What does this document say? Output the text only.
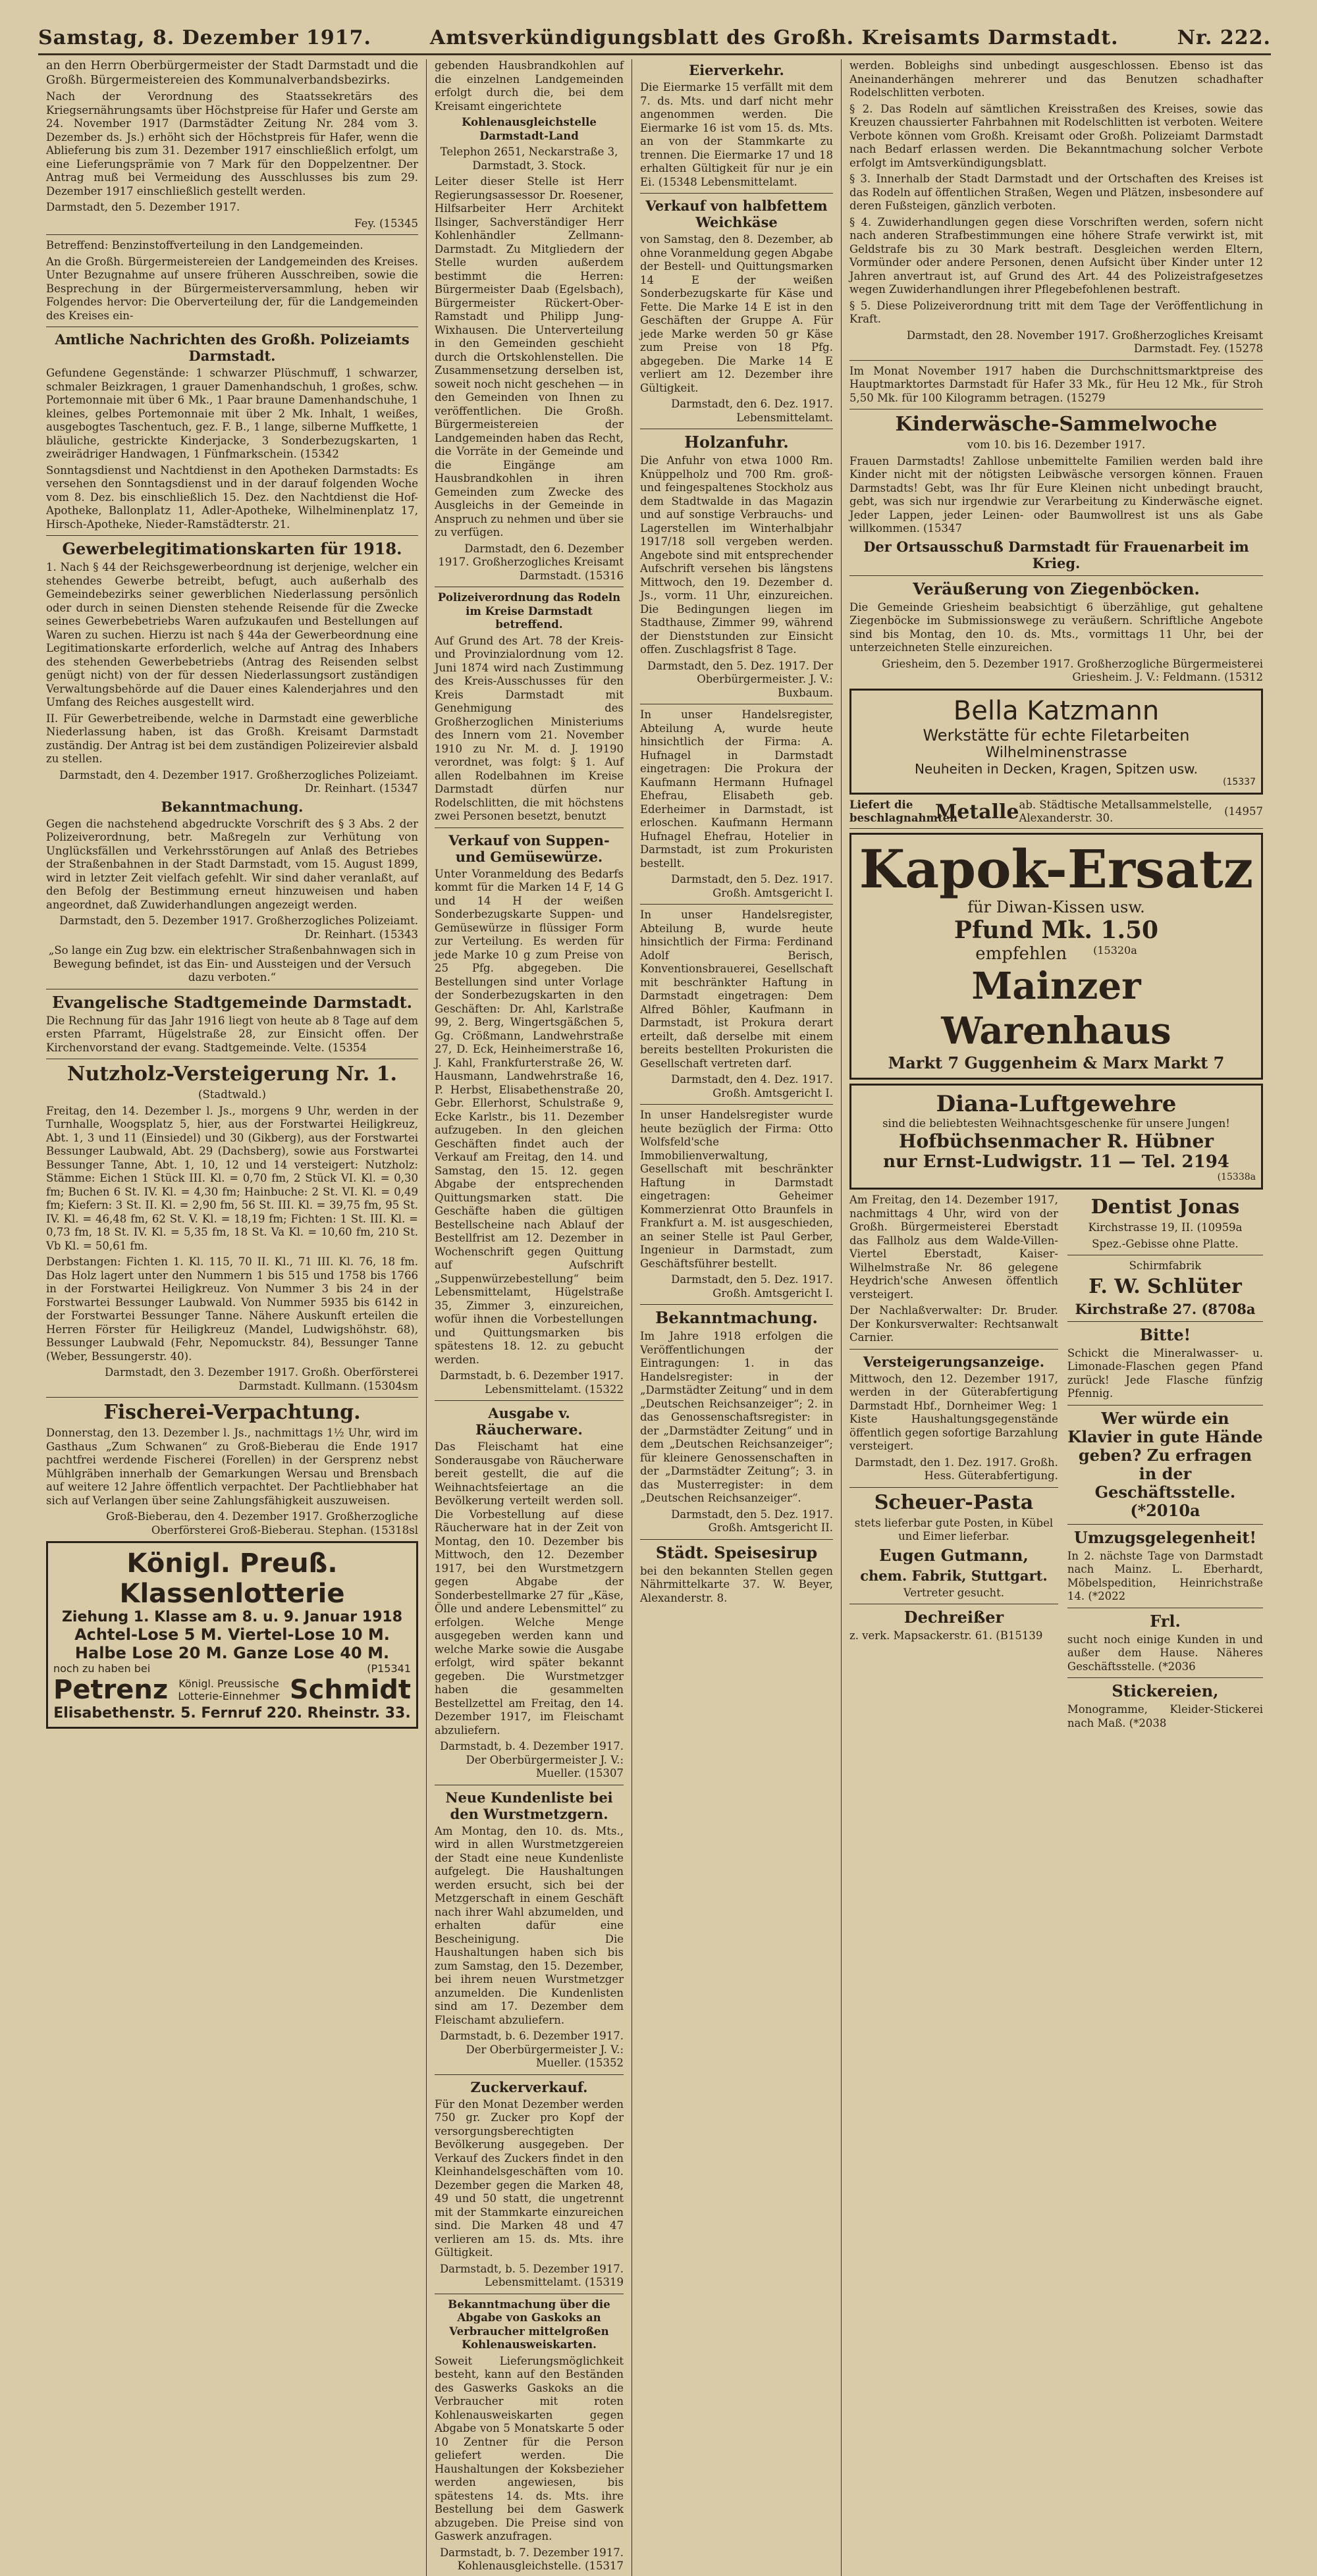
Samstag, 8. Dezember 1917.	Amtsverkündigungsblatt des Großh. Kreisamts Darmstadt.	Nr. 222.

an den Herrn Oberbürgermeister der Stadt Darmstadt und die Großh. Bürgermeistereien des Kommunalverbandsbezirks.

Nach der Verordnung des Staatssekretärs des Kriegsernährungsamts über Höchstpreise für Hafer und Gerste am 24. November 1917 (Darmstädter Zeitung Nr. 284 vom 3. Dezember ds. Js.) erhöht sich der Höchstpreis für Hafer, wenn die Ablieferung bis zum 31. Dezember 1917 einschließlich erfolgt, um eine Lieferungsprämie von 7 Mark für den Doppelzentner. Der Antrag muß bei Vermeidung des Ausschlusses bis zum 29. Dezember 1917 einschließlich gestellt werden.

Darmstadt, den 5. Dezember 1917.

Fey. (15345

Betreffend: Benzinstoffverteilung in den Landgemeinden.

An die Großh. Bürgermeistereien der Landgemeinden des Kreises. Unter Bezugnahme auf unsere früheren Ausschreiben, sowie die Besprechung in der Bürgermeisterversammlung, heben wir Folgendes hervor: Die Oberverteilung der, für die Landgemeinden des Kreises ein-

Amtliche Nachrichten des Großh. Polizeiamts Darmstadt.

Gefundene Gegenstände: 1 schwarzer Plüschmuff, 1 schwarzer, schmaler Beizkragen, 1 grauer Damenhandschuh, 1 großes, schw. Portemonnaie mit über 6 Mk., 1 Paar braune Damenhandschuhe, 1 kleines, gelbes Portemonnaie mit über 2 Mk. Inhalt, 1 weißes, ausgebogtes Taschentuch, gez. F. B., 1 lange, silberne Muffkette, 1 bläuliche, gestrickte Kinderjacke, 3 Sonderbezugskarten, 1 zweirädriger Handwagen, 1 Fünfmarkschein. (15342

Sonntagsdienst und Nachtdienst in den Apotheken Darmstadts: Es versehen den Sonntagsdienst und in der darauf folgenden Woche vom 8. Dez. bis einschließlich 15. Dez. den Nachtdienst die Hof-Apotheke, Ballonplatz 11, Adler-Apotheke, Wilhelminenplatz 17, Hirsch-Apotheke, Nieder-Ramstädterstr. 21.

Gewerbelegitimationskarten für 1918.

1. Nach § 44 der Reichsgewerbeordnung ist derjenige, welcher ein stehendes Gewerbe betreibt, befugt, auch außerhalb des Gemeindebezirks seiner gewerblichen Niederlassung persönlich oder durch in seinen Diensten stehende Reisende für die Zwecke seines Gewerbebetriebs Waren aufzukaufen und Bestellungen auf Waren zu suchen. Hierzu ist nach § 44a der Gewerbeordnung eine Legitimationskarte erforderlich, welche auf Antrag des Inhabers des stehenden Gewerbebetriebs (Antrag des Reisenden selbst genügt nicht) von der für dessen Niederlassungsort zuständigen Verwaltungsbehörde auf die Dauer eines Kalenderjahres und den Umfang des Reiches ausgestellt wird.

II. Für Gewerbetreibende, welche in Darmstadt eine gewerbliche Niederlassung haben, ist das Großh. Kreisamt Darmstadt zuständig. Der Antrag ist bei dem zuständigen Polizeirevier alsbald zu stellen.

Darmstadt, den 4. Dezember 1917. Großherzogliches Polizeiamt. Dr. Reinhart. (15347

Bekanntmachung.

Gegen die nachstehend abgedruckte Vorschrift des § 3 Abs. 2 der Polizeiverordnung, betr. Maßregeln zur Verhütung von Unglücksfällen und Verkehrsstörungen auf Anlaß des Betriebes der Straßenbahnen in der Stadt Darmstadt, vom 15. August 1899, wird in letzter Zeit vielfach gefehlt. Wir sind daher veranlaßt, auf den Befolg der Bestimmung erneut hinzuweisen und haben angeordnet, daß Zuwiderhandlungen angezeigt werden.

Darmstadt, den 5. Dezember 1917. Großherzogliches Polizeiamt. Dr. Reinhart. (15343

„So lange ein Zug bzw. ein elektrischer Straßenbahnwagen sich in Bewegung befindet, ist das Ein- und Aussteigen und der Versuch dazu verboten.“

Evangelische Stadtgemeinde Darmstadt.

Die Rechnung für das Jahr 1916 liegt von heute ab 8 Tage auf dem ersten Pfarramt, Hügelstraße 28, zur Einsicht offen. Der Kirchenvorstand der evang. Stadtgemeinde. Velte. (15354

Nutzholz-Versteigerung Nr. 1.

(Stadtwald.)

Freitag, den 14. Dezember l. Js., morgens 9 Uhr, werden in der Turnhalle, Woogsplatz 5, hier, aus der Forstwartei Heiligkreuz, Abt. 1, 3 und 11 (Einsiedel) und 30 (Gikberg), aus der Forstwartei Bessunger Laubwald, Abt. 29 (Dachsberg), sowie aus Forstwartei Bessunger Tanne, Abt. 1, 10, 12 und 14 versteigert: Nutzholz: Stämme: Eichen 1 Stück III. Kl. = 0,70 fm, 2 Stück VI. Kl. = 0,30 fm; Buchen 6 St. IV. Kl. = 4,30 fm; Hainbuche: 2 St. VI. Kl. = 0,49 fm; Kiefern: 3 St. II. Kl. = 2,90 fm, 56 St. III. Kl. = 39,75 fm, 95 St. IV. Kl. = 46,48 fm, 62 St. V. Kl. = 18,19 fm; Fichten: 1 St. III. Kl. = 0,73 fm, 18 St. IV. Kl. = 5,35 fm, 18 St. Va Kl. = 10,60 fm, 210 St. Vb Kl. = 50,61 fm.

Derbstangen: Fichten 1. Kl. 115, 70 II. Kl., 71 III. Kl. 76, 18 fm. Das Holz lagert unter den Nummern 1 bis 515 und 1758 bis 1766 in der Forstwartei Heiligkreuz. Von Nummer 3 bis 24 in der Forstwartei Bessunger Laubwald. Von Nummer 5935 bis 6142 in der Forstwartei Bessunger Tanne. Nähere Auskunft erteilen die Herren Förster für Heiligkreuz (Mandel, Ludwigshöhstr. 68), Bessunger Laubwald (Fehr, Nepomuckstr. 84), Bessunger Tanne (Weber, Bessungerstr. 40).

Darmstadt, den 3. Dezember 1917. Großh. Oberförsterei Darmstadt. Kullmann. (15304sm

Fischerei-Verpachtung.

Donnerstag, den 13. Dezember l. Js., nachmittags 1½ Uhr, wird im Gasthaus „Zum Schwanen“ zu Groß-Bieberau die Ende 1917 pachtfrei werdende Fischerei (Forellen) in der Gersprenz nebst Mühlgräben innerhalb der Gemarkungen Wersau und Brensbach auf weitere 12 Jahre öffentlich verpachtet. Der Pachtliebhaber hat sich auf Verlangen über seine Zahlungsfähigkeit auszuweisen.

Groß-Bieberau, den 4. Dezember 1917. Großherzogliche Oberförsterei Groß-Bieberau. Stephan. (15318sl

Königl. Preuß. Klassenlotterie
Ziehung 1. Klasse am 8. u. 9. Januar 1918
Achtel-Lose 5 M. Viertel-Lose 10 M.
Halbe Lose 20 M. Ganze Lose 40 M.
noch zu haben bei	(P15341
Petrenz	Königl. Preussische Lotterie-Einnehmer Schmidt
Elisabethenstr. 5. Fernruf 220. Rheinstr. 33.

gebenden Hausbrandkohlen auf die einzelnen Landgemeinden erfolgt durch die, bei dem Kreisamt eingerichtete

Kohlenausgleichstelle Darmstadt-Land

Telephon 2651, Neckarstraße 3, Darmstadt, 3. Stock.

Leiter dieser Stelle ist Herr Regierungsassessor Dr. Roesener, Hilfsarbeiter Herr Architekt Ilsinger, Sachverständiger Herr Kohlenhändler Zellmann-Darmstadt. Zu Mitgliedern der Stelle wurden außerdem bestimmt die Herren: Bürgermeister Daab (Egelsbach), Bürgermeister Rückert-Ober-Ramstadt und Philipp Jung-Wixhausen. Die Unterverteilung in den Gemeinden geschieht durch die Ortskohlenstellen. Die Zusammensetzung derselben ist, soweit noch nicht geschehen — in den Gemeinden von Ihnen zu veröffentlichen. Die Großh. Bürgermeistereien der Landgemeinden haben das Recht, die Vorräte in der Gemeinde und die Eingänge am Hausbrandkohlen in ihren Gemeinden zum Zwecke des Ausgleichs in der Gemeinde in Anspruch zu nehmen und über sie zu verfügen.

Darmstadt, den 6. Dezember 1917. Großherzogliches Kreisamt Darmstadt. (15316

Polizeiverordnung das Rodeln im Kreise Darmstadt betreffend.

Auf Grund des Art. 78 der Kreis- und Provinzialordnung vom 12. Juni 1874 wird nach Zustimmung des Kreis-Ausschusses für den Kreis Darmstadt mit Genehmigung des Großherzoglichen Ministeriums des Innern vom 21. November 1910 zu Nr. M. d. J. 19190 verordnet, was folgt: § 1. Auf allen Rodelbahnen im Kreise Darmstadt dürfen nur Rodelschlitten, die mit höchstens zwei Personen besetzt, benutzt

Verkauf von Suppen- und Gemüsewürze.

Unter Voranmeldung des Bedarfs kommt für die Marken 14 F, 14 G und 14 H der weißen Sonderbezugskarte Suppen- und Gemüsewürze in flüssiger Form zur Verteilung. Es werden für jede Marke 10 g zum Preise von 25 Pfg. abgegeben. Die Bestellungen sind unter Vorlage der Sonderbezugskarten in den Geschäften: Dr. Ahl, Karlstraße 99, 2. Berg, Wingertsgäßchen 5, Gg. Crößmann, Landwehrstraße 27, D. Eck, Heinheimerstraße 16, J. Kahl, Frankfurterstraße 26, W. Hausmann, Landwehrstraße 16, P. Herbst, Elisabethenstraße 20, Gebr. Ellerhorst, Schulstraße 9, Ecke Karlstr., bis 11. Dezember aufzugeben. In den gleichen Geschäften findet auch der Verkauf am Freitag, den 14. und Samstag, den 15. 12. gegen Abgabe der entsprechenden Quittungsmarken statt. Die Geschäfte haben die gültigen Bestellscheine nach Ablauf der Bestellfrist am 12. Dezember in Wochenschrift gegen Quittung auf Aufschrift „Suppenwürzebestellung“ beim Lebensmittelamt, Hügelstraße 35, Zimmer 3, einzureichen, wofür ihnen die Vorbestellungen und Quittungsmarken bis spätestens 18. 12. zu gebucht werden.

Darmstadt, b. 6. Dezember 1917. Lebensmittelamt. (15322

Ausgabe v. Räucherware.

Das Fleischamt hat eine Sonderausgabe von Räucherware bereit gestellt, die auf die Weihnachtsfeiertage an die Bevölkerung verteilt werden soll. Die Vorbestellung auf diese Räucherware hat in der Zeit von Montag, den 10. Dezember bis Mittwoch, den 12. Dezember 1917, bei den Wurstmetzgern gegen Abgabe der Sonderbestellmarke 27 für „Käse, Ölle und andere Lebensmittel“ zu erfolgen. Welche Menge ausgegeben werden kann und welche Marke sowie die Ausgabe erfolgt, wird später bekannt gegeben. Die Wurstmetzger haben die gesammelten Bestellzettel am Freitag, den 14. Dezember 1917, im Fleischamt abzuliefern.

Darmstadt, b. 4. Dezember 1917. Der Oberbürgermeister J. V.: Mueller. (15307

Neue Kundenliste bei den Wurstmetzgern.

Am Montag, den 10. ds. Mts., wird in allen Wurstmetzgereien der Stadt eine neue Kundenliste aufgelegt. Die Haushaltungen werden ersucht, sich bei der Metzgerschaft in einem Geschäft nach ihrer Wahl abzumelden, und erhalten dafür eine Bescheinigung. Die Haushaltungen haben sich bis zum Samstag, den 15. Dezember, bei ihrem neuen Wurstmetzger anzumelden. Die Kundenlisten sind am 17. Dezember dem Fleischamt abzuliefern.

Darmstadt, b. 6. Dezember 1917. Der Oberbürgermeister J. V.: Mueller. (15352

Zuckerverkauf.

Für den Monat Dezember werden 750 gr. Zucker pro Kopf der versorgungsberechtigten Bevölkerung ausgegeben. Der Verkauf des Zuckers findet in den Kleinhandelsgeschäften vom 10. Dezember gegen die Marken 48, 49 und 50 statt, die ungetrennt mit der Stammkarte einzureichen sind. Die Marken 48 und 47 verlieren am 15. ds. Mts. ihre Gültigkeit.

Darmstadt, b. 5. Dezember 1917. Lebensmittelamt. (15319

Bekanntmachung über die Abgabe von Gaskoks an Verbraucher mittelgroßen Kohlenausweiskarten.

Soweit Lieferungsmöglichkeit besteht, kann auf den Beständen des Gaswerks Gaskoks an die Verbraucher mit roten Kohlenausweiskarten gegen Abgabe von 5 Monatskarte 5 oder 10 Zentner für die Person geliefert werden. Die Haushaltungen der Koksbezieher werden angewiesen, bis spätestens 14. ds. Mts. ihre Bestellung bei dem Gaswerk abzugeben. Die Preise sind von Gaswerk anzufragen.

Darmstadt, b. 7. Dezember 1917. Kohlenausgleichstelle. (15317

Eierverkehr.

Die Eiermarke 15 verfällt mit dem 7. ds. Mts. und darf nicht mehr angenommen werden. Die Eiermarke 16 ist vom 15. ds. Mts. an von der Stammkarte zu trennen. Die Eiermarke 17 und 18 erhalten Gültigkeit für nur je ein Ei. (15348 Lebensmittelamt.

Verkauf von halbfettem Weichkäse

von Samstag, den 8. Dezember, ab ohne Voranmeldung gegen Abgabe der Bestell- und Quittungsmarken 14 E der weißen Sonderbezugskarte für Käse und Fette. Die Marke 14 E ist in den Geschäften der Gruppe A. Für jede Marke werden 50 gr Käse zum Preise von 18 Pfg. abgegeben. Die Marke 14 E verliert am 12. Dezember ihre Gültigkeit.

Darmstadt, den 6. Dez. 1917. Lebensmittelamt.

Holzanfuhr.

Die Anfuhr von etwa 1000 Rm. Knüppelholz und 700 Rm. groß- und feingespaltenes Stockholz aus dem Stadtwalde in das Magazin und auf sonstige Verbrauchs- und Lagerstellen im Winterhalbjahr 1917/18 soll vergeben werden. Angebote sind mit entsprechender Aufschrift versehen bis längstens Mittwoch, den 19. Dezember d. Js., vorm. 11 Uhr, einzureichen. Die Bedingungen liegen im Stadthause, Zimmer 99, während der Dienststunden zur Einsicht offen. Zuschlagsfrist 8 Tage.

Darmstadt, den 5. Dez. 1917. Der Oberbürgermeister. J. V.: Buxbaum.

In unser Handelsregister, Abteilung A, wurde heute hinsichtlich der Firma: A. Hufnagel in Darmstadt eingetragen: Die Prokura der Kaufmann Hermann Hufnagel Ehefrau, Elisabeth geb. Ederheimer in Darmstadt, ist erloschen. Kaufmann Hermann Hufnagel Ehefrau, Hotelier in Darmstadt, ist zum Prokuristen bestellt.

Darmstadt, den 5. Dez. 1917. Großh. Amtsgericht I.

In unser Handelsregister, Abteilung B, wurde heute hinsichtlich der Firma: Ferdinand Adolf Berisch, Konventionsbrauerei, Gesellschaft mit beschränkter Haftung in Darmstadt eingetragen: Dem Alfred Böhler, Kaufmann in Darmstadt, ist Prokura derart erteilt, daß derselbe mit einem bereits bestellten Prokuristen die Gesellschaft vertreten darf.

Darmstadt, den 4. Dez. 1917. Großh. Amtsgericht I.

In unser Handelsregister wurde heute bezüglich der Firma: Otto Wolfsfeld'sche Immobilienverwaltung, Gesellschaft mit beschränkter Haftung in Darmstadt eingetragen: Geheimer Kommerzienrat Otto Braunfels in Frankfurt a. M. ist ausgeschieden, an seiner Stelle ist Paul Gerber, Ingenieur in Darmstadt, zum Geschäftsführer bestellt.

Darmstadt, den 5. Dez. 1917. Großh. Amtsgericht I.

Bekanntmachung.

Im Jahre 1918 erfolgen die Veröffentlichungen der Eintragungen: 1. in das Handelsregister: in der „Darmstädter Zeitung“ und in dem „Deutschen Reichsanzeiger“; 2. in das Genossenschaftsregister: in der „Darmstädter Zeitung“ und in dem „Deutschen Reichsanzeiger“; für kleinere Genossenschaften in der „Darmstädter Zeitung“; 3. in das Musterregister: in dem „Deutschen Reichsanzeiger“.

Darmstadt, den 5. Dez. 1917. Großh. Amtsgericht II.

Städt. Speisesirup

bei den bekannten Stellen gegen Nährmittelkarte 37. W. Beyer, Alexanderstr. 8.

werden. Bobleighs sind unbedingt ausgeschlossen. Ebenso ist das Aneinanderhängen mehrerer und das Benutzen schadhafter Rodelschlitten verboten.

§ 2. Das Rodeln auf sämtlichen Kreisstraßen des Kreises, sowie das Kreuzen chaussierter Fahrbahnen mit Rodelschlitten ist verboten. Weitere Verbote können vom Großh. Kreisamt oder Großh. Polizeiamt Darmstadt nach Bedarf erlassen werden. Die Bekanntmachung solcher Verbote erfolgt im Amtsverkündigungsblatt.

§ 3. Innerhalb der Stadt Darmstadt und der Ortschaften des Kreises ist das Rodeln auf öffentlichen Straßen, Wegen und Plätzen, insbesondere auf deren Fußsteigen, gänzlich verboten.

§ 4. Zuwiderhandlungen gegen diese Vorschriften werden, sofern nicht nach anderen Strafbestimmungen eine höhere Strafe verwirkt ist, mit Geldstrafe bis zu 30 Mark bestraft. Desgleichen werden Eltern, Vormünder oder andere Personen, denen Aufsicht über Kinder unter 12 Jahren anvertraut ist, auf Grund des Art. 44 des Polizeistrafgesetzes wegen Zuwiderhandlungen ihrer Pflegebefohlenen bestraft.

§ 5. Diese Polizeiverordnung tritt mit dem Tage der Veröffentlichung in Kraft.

Darmstadt, den 28. November 1917. Großherzogliches Kreisamt Darmstadt. Fey. (15278

Im Monat November 1917 haben die Durchschnittsmarktpreise des Hauptmarktortes Darmstadt für Hafer 33 Mk., für Heu 12 Mk., für Stroh 5,50 Mk. für 100 Kilogramm betragen. (15279

Kinderwäsche-Sammelwoche

vom 10. bis 16. Dezember 1917.

Frauen Darmstadts! Zahllose unbemittelte Familien werden bald ihre Kinder nicht mit der nötigsten Leibwäsche versorgen können. Frauen Darmstadts! Gebt, was Ihr für Eure Kleinen nicht unbedingt braucht, gebt, was sich nur irgendwie zur Verarbeitung zu Kinderwäsche eignet. Jeder Lappen, jeder Leinen- oder Baumwollrest ist uns als Gabe willkommen. (15347

Der Ortsausschuß Darmstadt für Frauenarbeit im Krieg.

Veräußerung von Ziegenböcken.

Die Gemeinde Griesheim beabsichtigt 6 überzählige, gut gehaltene Ziegenböcke im Submissionswege zu veräußern. Schriftliche Angebote sind bis Montag, den 10. ds. Mts., vormittags 11 Uhr, bei der unterzeichneten Stelle einzureichen.

Griesheim, den 5. Dezember 1917. Großherzogliche Bürgermeisterei Griesheim. J. V.: Feldmann. (15312

Bella Katzmann
Werkstätte für echte Filetarbeiten
Wilhelminenstrasse
Neuheiten in Decken, Kragen, Spitzen usw.
(15337
Liefert die beschlagnahmten
Metalle ab. Städtische Metallsammelstelle, Alexanderstr. 30.
(14957
Kapok-Ersatz
für Diwan-Kissen usw.
Pfund Mk. 1.50
empfehlen	(15320a
Mainzer Warenhaus
Markt 7 Guggenheim & Marx Markt 7
Diana-Luftgewehre
sind die beliebtesten Weihnachtsgeschenke für unsere Jungen!
Hofbüchsenmacher R. Hübner
nur Ernst-Ludwigstr. 11 — Tel. 2194
(15338a

Am Freitag, den 14. Dezember 1917, nachmittags 4 Uhr, wird von der Großh. Bürgermeisterei Eberstadt das Fallholz aus dem Walde-Villen-Viertel Eberstadt, Kaiser-Wilhelmstraße Nr. 86 gelegene Heydrich'sche Anwesen öffentlich versteigert.

Der Nachlaßverwalter: Dr. Bruder. Der Konkursverwalter: Rechtsanwalt Carnier.

Versteigerungsanzeige.

Mittwoch, den 12. Dezember 1917, werden in der Güterabfertigung Darmstadt Hbf., Dornheimer Weg: 1 Kiste Haushaltungsgegenstände öffentlich gegen sofortige Barzahlung versteigert.

Darmstadt, den 1. Dez. 1917. Großh. Hess. Güterabfertigung.

Scheuer-Pasta

stets lieferbar gute Posten, in Kübel und Eimer lieferbar.

Eugen Gutmann,

chem. Fabrik, Stuttgart.

Vertreter gesucht.

Dechreißer

z. verk. Mapsackerstr. 61. (B15139

Dentist Jonas

Kirchstrasse 19, II. (10959a

Spez.-Gebisse ohne Platte.

Schirmfabrik

F. W. Schlüter

Kirchstraße 27. (8708a

Bitte!

Schickt die Mineralwasser- u. Limonade-Flaschen gegen Pfand zurück! Jede Flasche fünfzig Pfennig.

Wer würde ein Klavier in gute Hände geben? Zu erfragen in der Geschäftsstelle. (*2010a

Umzugsgelegenheit!

In 2. nächste Tage von Darmstadt nach Mainz. L. Eberhardt, Möbelspedition, Heinrichstraße 14. (*2022

Frl.

sucht noch einige Kunden in und außer dem Hause. Näheres Geschäftsstelle. (*2036

Stickereien,

Monogramme, Kleider-Stickerei nach Maß. (*2038
